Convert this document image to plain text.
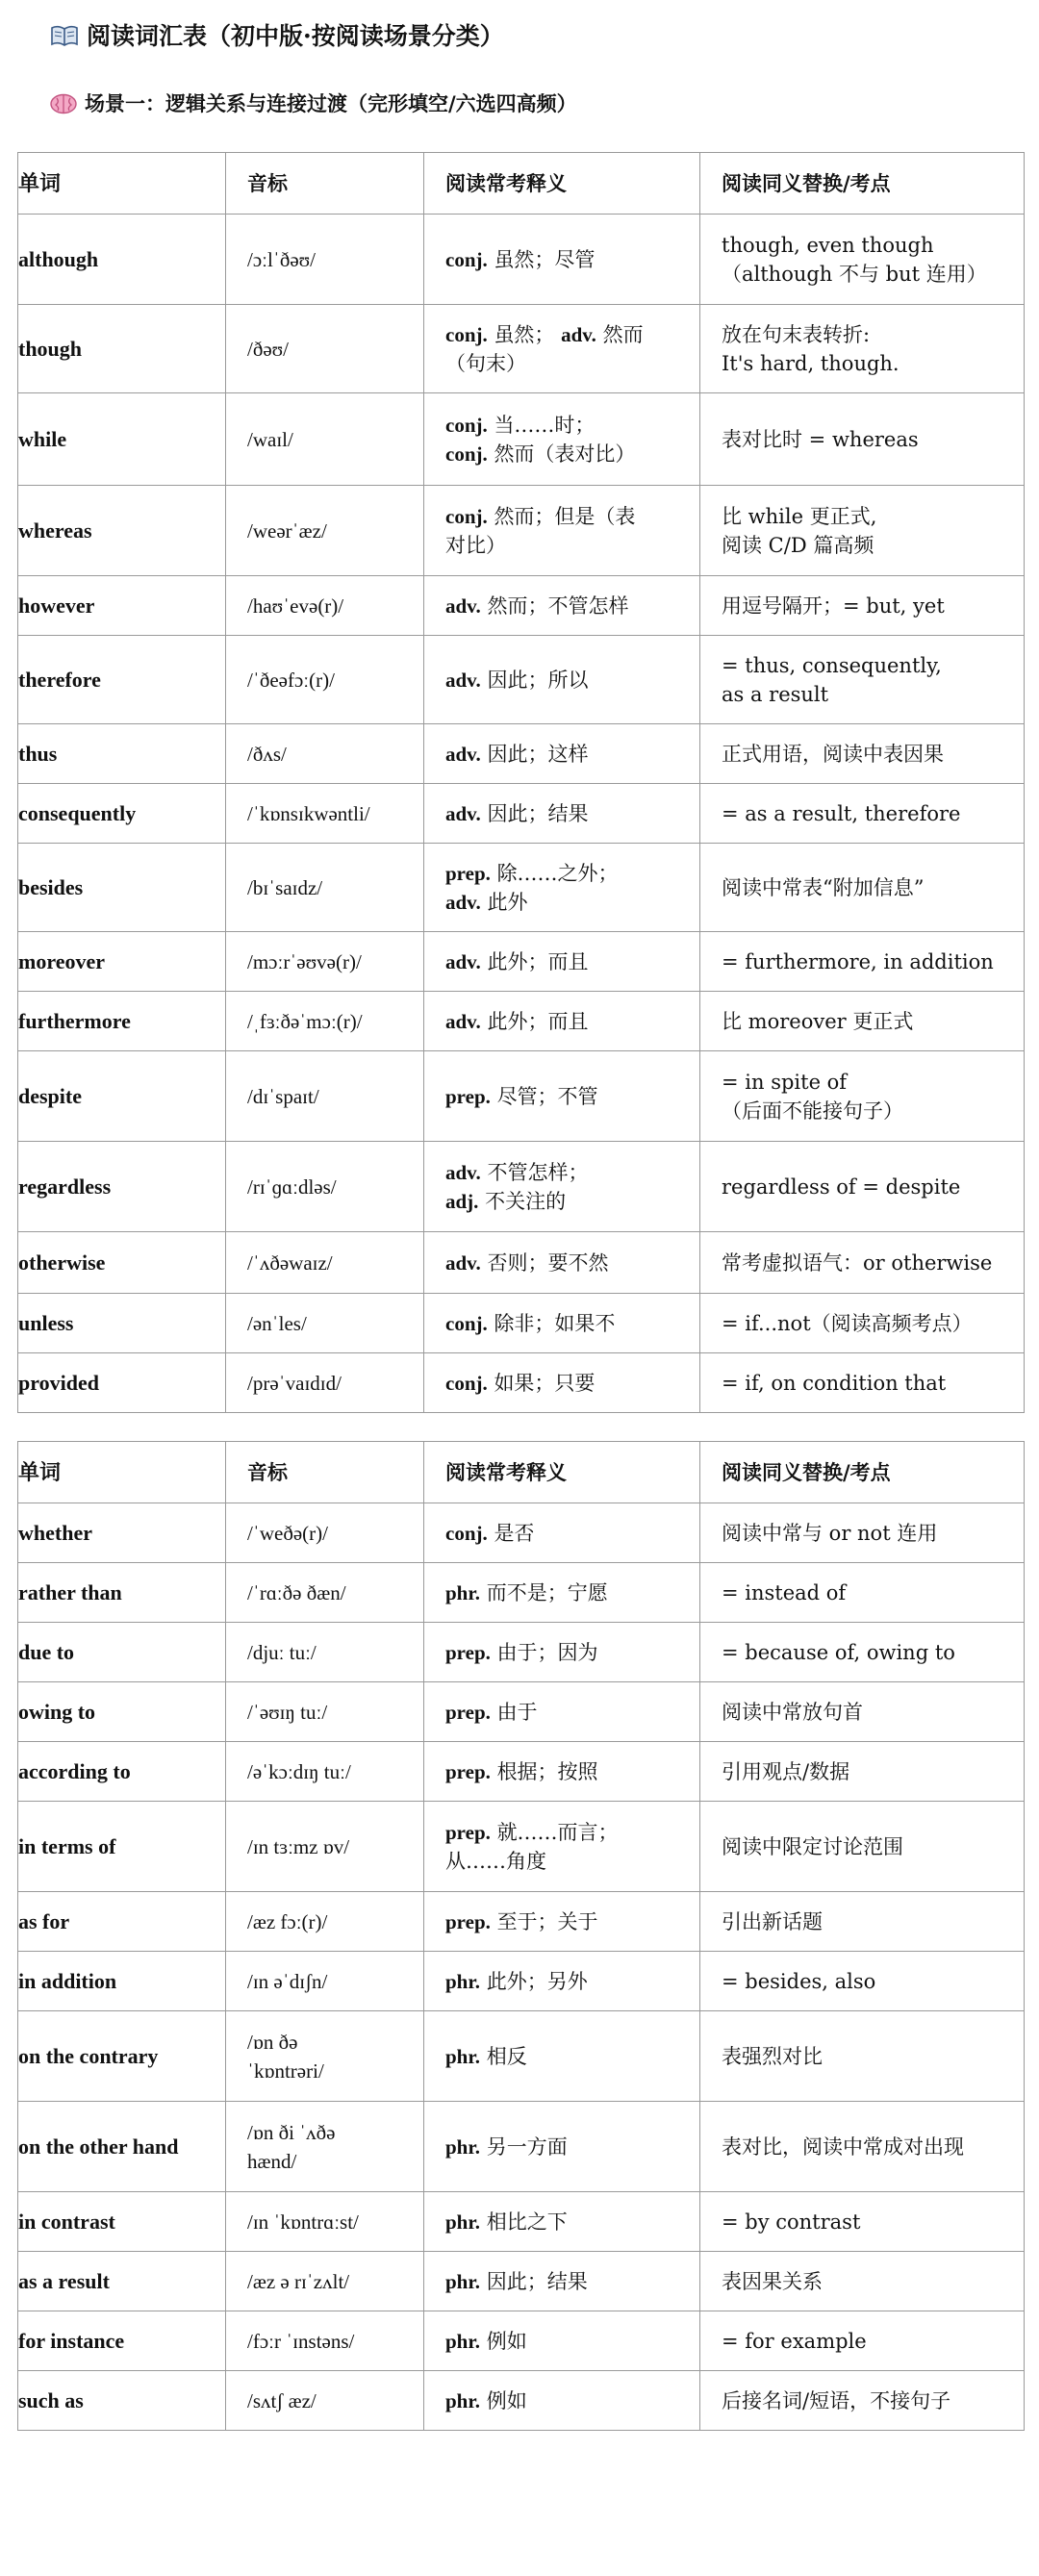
阅读词汇表（初中版·按阅读场景分类）
场景一：逻辑关系与连接过渡（完形填空/六选四高频）
单词	音标	阅读常考释义	阅读同义替换/考点
although	/ɔːlˈðəʊ/	conj. 虽然；尽管	though, even though
（although 不与 but 连用）

though	/ðəʊ/	conj. 虽然； adv. 然而
（句末）	放在句末表转折:
It's hard, though.

while	/waɪl/	conj. 当……时；
conj. 然而（表对比）	表对比时 = whereas

whereas	/weərˈæz/	conj. 然而；但是（表
对比）	比 while 更正式,
阅读 C/D 篇高频

however	/haʊˈevə(r)/	adv. 然而；不管怎样	用逗号隔开；= but, yet

therefore	/ˈðeəfɔː(r)/	adv. 因此；所以	= thus, consequently,
as a result

thus	/ðʌs/	adv. 因此；这样	正式用语，阅读中表因果

consequently	/ˈkɒnsɪkwəntli/	adv. 因此；结果	= as a result, therefore

besides	/bɪˈsaɪdz/	prep. 除……之外；
adv. 此外	阅读中常表“附加信息”

moreover	/mɔːrˈəʊvə(r)/	adv. 此外；而且	= furthermore, in addition

furthermore	/ˌfɜːðəˈmɔː(r)/	adv. 此外；而且	比 moreover 更正式

despite	/dɪˈspaɪt/	prep. 尽管；不管	= in spite of
（后面不能接句子）

regardless	/rɪˈɡɑːdləs/	adv. 不管怎样；
adj. 不关注的	regardless of = despite

otherwise	/ˈʌðəwaɪz/	adv. 否则；要不然	常考虚拟语气：or otherwise

unless	/ənˈles/	conj. 除非；如果不	= if...not（阅读高频考点）

provided	/prəˈvaɪdɪd/	conj. 如果；只要	= if, on condition that
单词	音标	阅读常考释义	阅读同义替换/考点
whether	/ˈweðə(r)/	conj. 是否	阅读中常与 or not 连用

rather than	/ˈrɑːðə ðæn/	phr. 而不是；宁愿	= instead of

due to	/djuː tuː/	prep. 由于；因为	= because of, owing to

owing to	/ˈəʊɪŋ tuː/	prep. 由于	阅读中常放句首

according to	/əˈkɔːdɪŋ tuː/	prep. 根据；按照	引用观点/数据

in terms of	/ɪn tɜːmz ɒv/	prep. 就……而言；
从……角度	阅读中限定讨论范围

as for	/æz fɔː(r)/	prep. 至于；关于	引出新话题

in addition	/ɪn əˈdɪʃn/	phr. 此外；另外	= besides, also

on the contrary	/ɒn ðə
ˈkɒntrəri/	phr. 相反	表强烈对比

on the other hand	/ɒn ði ˈʌðə
hænd/	phr. 另一方面	表对比，阅读中常成对出现

in contrast	/ɪn ˈkɒntrɑːst/	phr. 相比之下	= by contrast

as a result	/æz ə rɪˈzʌlt/	phr. 因此；结果	表因果关系

for instance	/fɔːr ˈɪnstəns/	phr. 例如	= for example

such as	/sʌtʃ æz/	phr. 例如	后接名词/短语，不接句子
